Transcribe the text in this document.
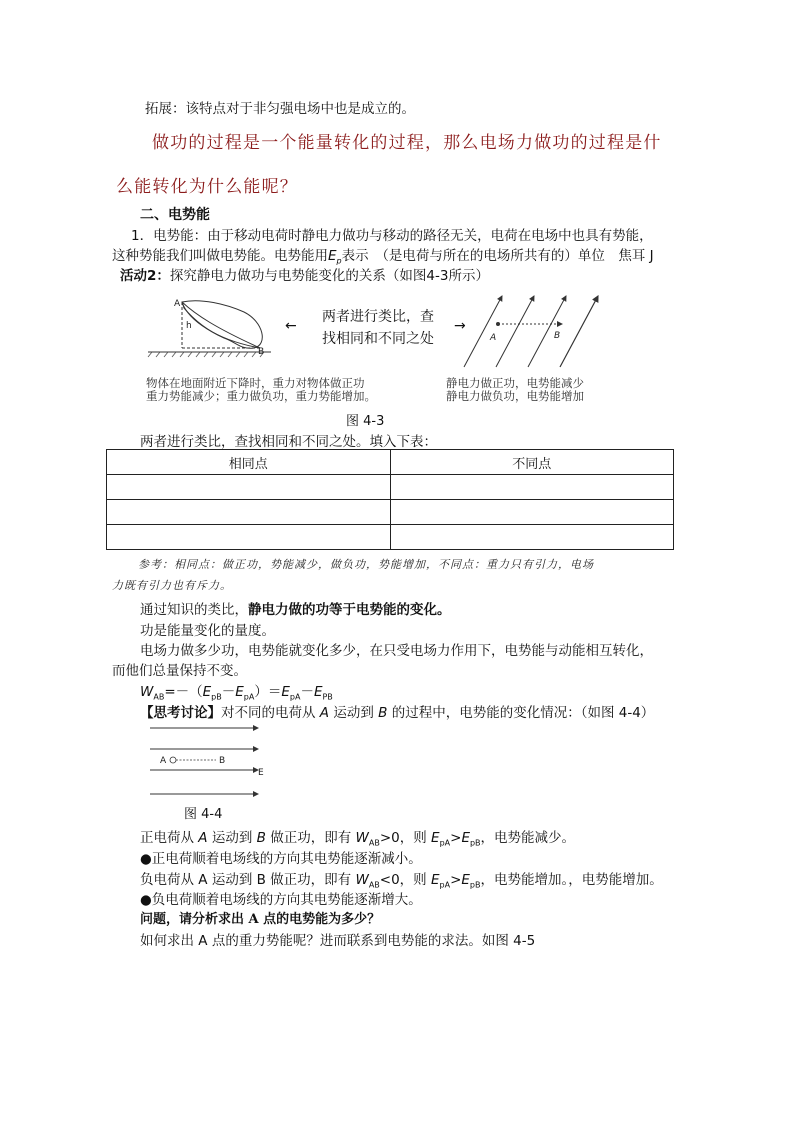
拓展：该特点对于非匀强电场中也是成立的。
做功的过程是一个能量转化的过程，那么电场力做功的过程是什
么能转化为什么能呢？
二、电势能
1．电势能：由于移动电荷时静电力做功与移动的路径无关，电荷在电场中也具有势能，
这种势能我们叫做电势能。电势能用$E_p$表示　（是电荷与所在的电场所共有的）单位　焦耳 J
活动2：探究静电力做功与电势能变化的关系（如图4-3所示）
A
B
h	←
两者进行类比，查
找相同和不同之处
→
A	B
物体在地面附近下降时，重力对物体做正功
重力势能减少；重力做负功，重力势能增加。
静电力做正功，电势能减少
静电力做负功，电势能增加
图 4-3
两者进行类比，查找相同和不同之处。填入下表：
相同点	不同点

参考：相同点：做正功，势能减少，做负功，势能增加，不同点：重力只有引力，电场
力既有引力也有斥力。
通过知识的类比，静电力做的功等于电势能的变化。
功是能量变化的量度。
电场力做多少功，电势能就变化多少，在只受电场力作用下，电势能与动能相互转化，
而他们总量保持不变。
$W_{AB}=-(E_{pB}-E_{pA})=E_{pA}-E_{PB}$
【思考讨论】对不同的电荷从 A 运动到 B 的过程中，电势能的变化情况：（如图 4-4）
A	B
E
图 4-4
正电荷从 A 运动到 B 做正功，即有 $W_{AB}>0$，则 $E_{pA}>E_{pB}$，电势能减少。
●正电荷顺着电场线的方向其电势能逐渐减小。
负电荷从 A 运动到 B 做正功，即有 $W_{AB}<0$，则 $E_{pA}>E_{pB}$，电势能增加。，电势能增加。
●负电荷顺着电场线的方向其电势能逐渐增大。
问题，请分析求出 A 点的电势能为多少？
如何求出 A 点的重力势能呢？进而联系到电势能的求法。如图 4-5
